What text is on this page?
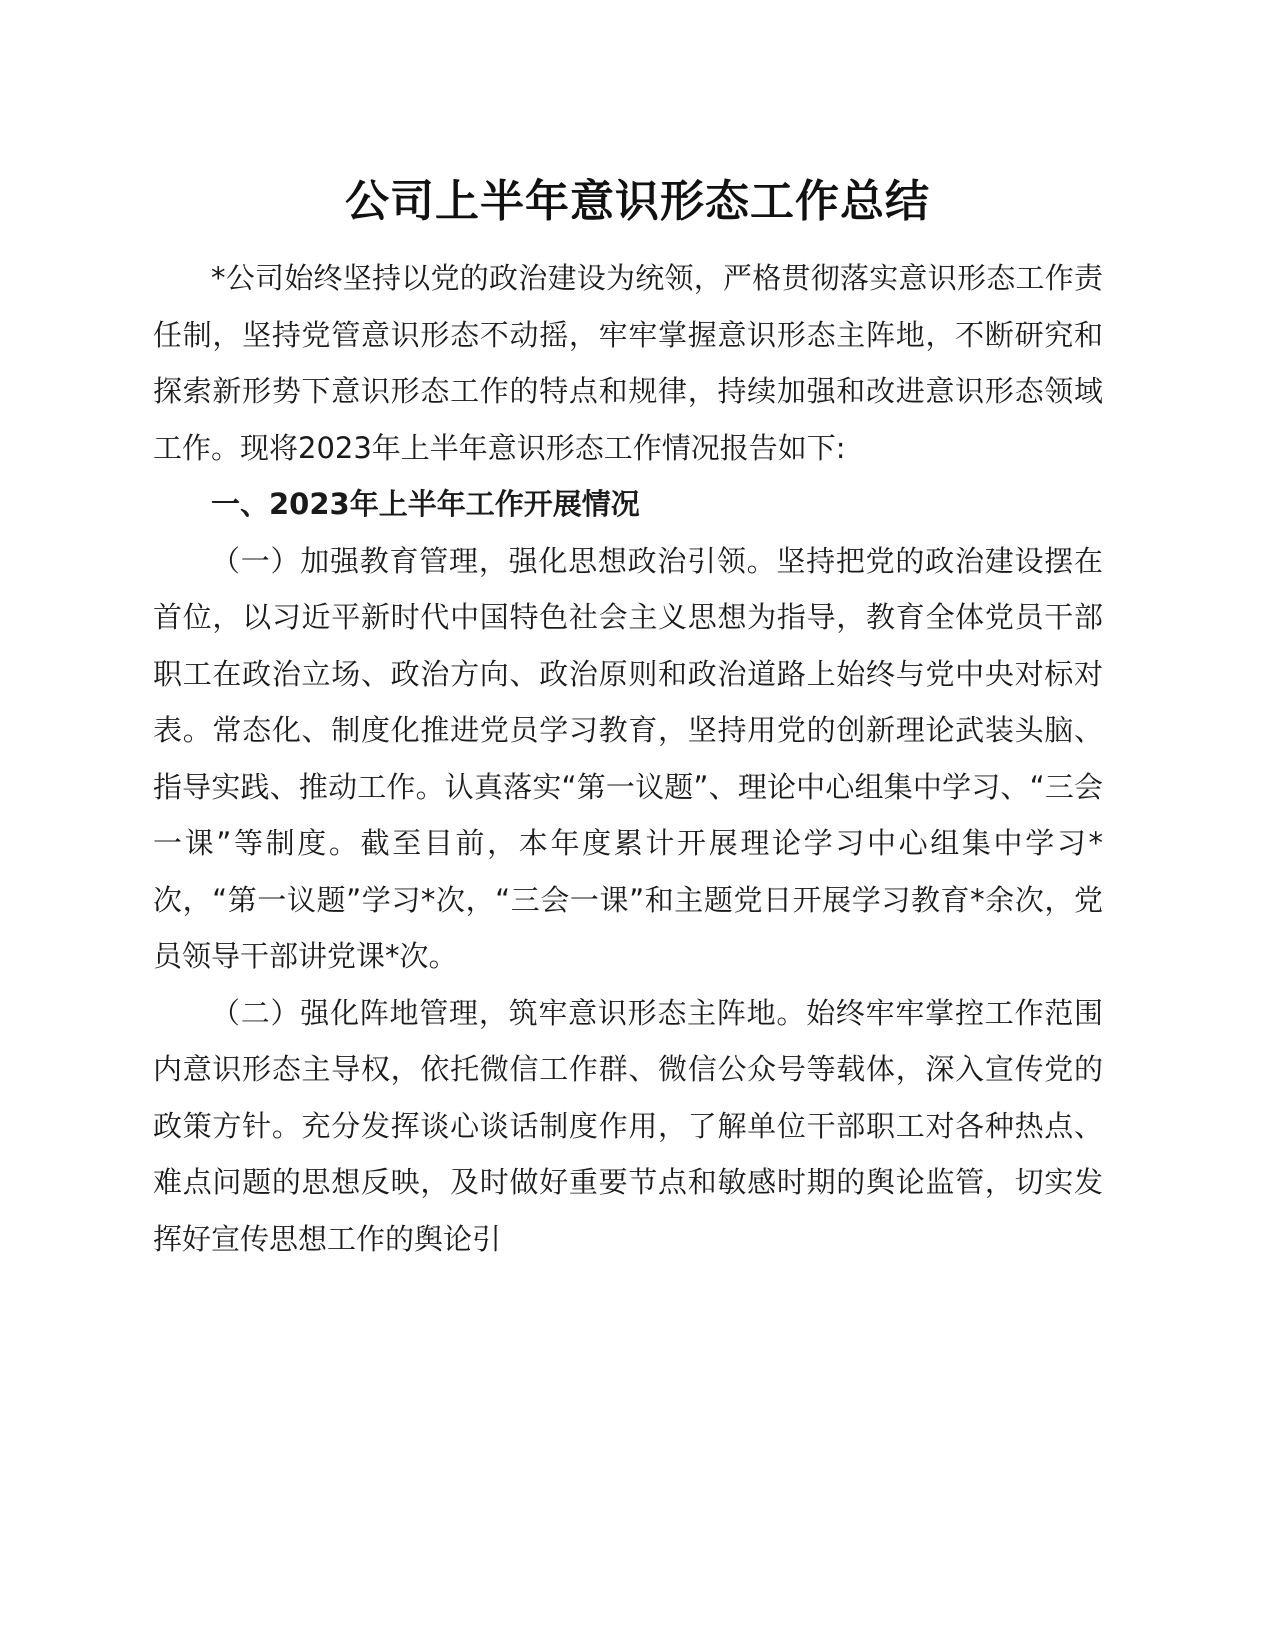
公司上半年意识形态工作总结

*公司始终坚持以党的政治建设为统领，严格贯彻落实意识形态工作责任制，坚持党管意识形态不动摇，牢牢掌握意识形态主阵地，不断研究和探索新形势下意识形态工作的特点和规律，持续加强和改进意识形态领域工作。现将2023年上半年意识形态工作情况报告如下:

一、2023年上半年工作开展情况

（一）加强教育管理，强化思想政治引领。坚持把党的政治建设摆在首位，以习近平新时代中国特色社会主义思想为指导，教育全体党员干部职工在政治立场、政治方向、政治原则和政治道路上始终与党中央对标对表。常态化、制度化推进党员学习教育，坚持用党的创新理论武装头脑、指导实践、推动工作。认真落实“第一议题”、理论中心组集中学习、“三会一课”等制度。截至目前，本年度累计开展理论学习中心组集中学习*次，“第一议题”学习*次，“三会一课”和主题党日开展学习教育*余次，党员领导干部讲党课*次。

（二）强化阵地管理，筑牢意识形态主阵地。始终牢牢掌控工作范围内意识形态主导权，依托微信工作群、微信公众号等载体，深入宣传党的政策方针。充分发挥谈心谈话制度作用，了解单位干部职工对各种热点、难点问题的思想反映，及时做好重要节点和敏感时期的舆论监管，切实发挥好宣传思想工作的舆论引
